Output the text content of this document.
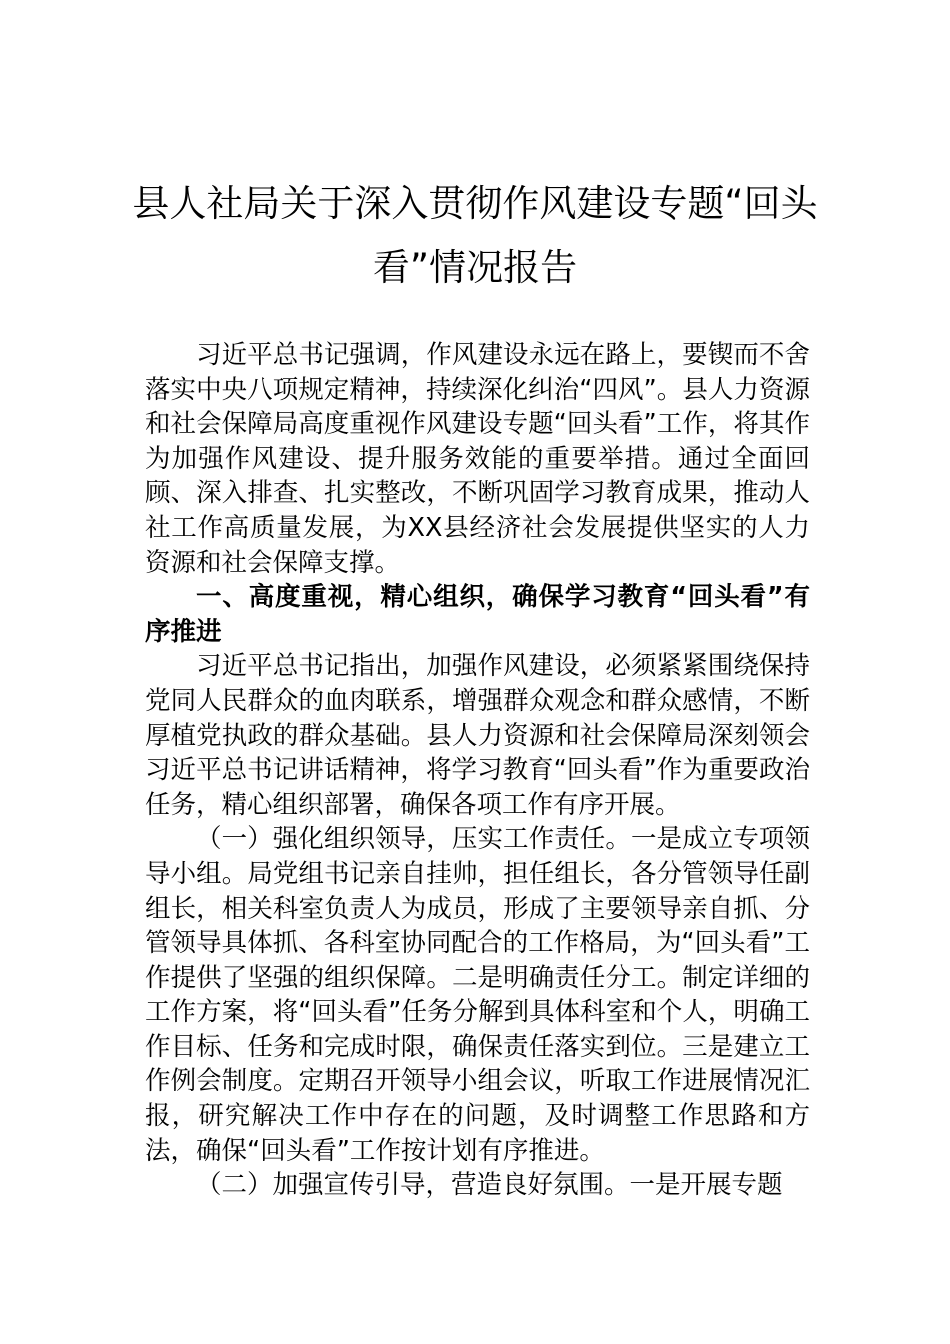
县人社局关于深入贯彻作风建设专题“回头看”情况报告

习近平总书记强调，作风建设永远在路上，要锲而不舍落实中央八项规定精神，持续深化纠治“四风”。县人力资源和社会保障局高度重视作风建设专题“回头看”工作，将其作为加强作风建设、提升服务效能的重要举措。通过全面回顾、深入排查、扎实整改，不断巩固学习教育成果，推动人社工作高质量发展，为XX县经济社会发展提供坚实的人力资源和社会保障支撑。

一、高度重视，精心组织，确保学习教育“回头看”有序推进

习近平总书记指出，加强作风建设，必须紧紧围绕保持党同人民群众的血肉联系，增强群众观念和群众感情，不断厚植党执政的群众基础。县人力资源和社会保障局深刻领会习近平总书记讲话精神，将学习教育“回头看”作为重要政治任务，精心组织部署，确保各项工作有序开展。

（一）强化组织领导，压实工作责任。一是成立专项领导小组。局党组书记亲自挂帅，担任组长，各分管领导任副组长，相关科室负责人为成员，形成了主要领导亲自抓、分管领导具体抓、各科室协同配合的工作格局，为“回头看”工作提供了坚强的组织保障。二是明确责任分工。制定详细的工作方案，将“回头看”任务分解到具体科室和个人，明确工作目标、任务和完成时限，确保责任落实到位。三是建立工作例会制度。定期召开领导小组会议，听取工作进展情况汇报，研究解决工作中存在的问题，及时调整工作思路和方法，确保“回头看”工作按计划有序推进。

（二）加强宣传引导，营造良好氛围。一是开展专题
